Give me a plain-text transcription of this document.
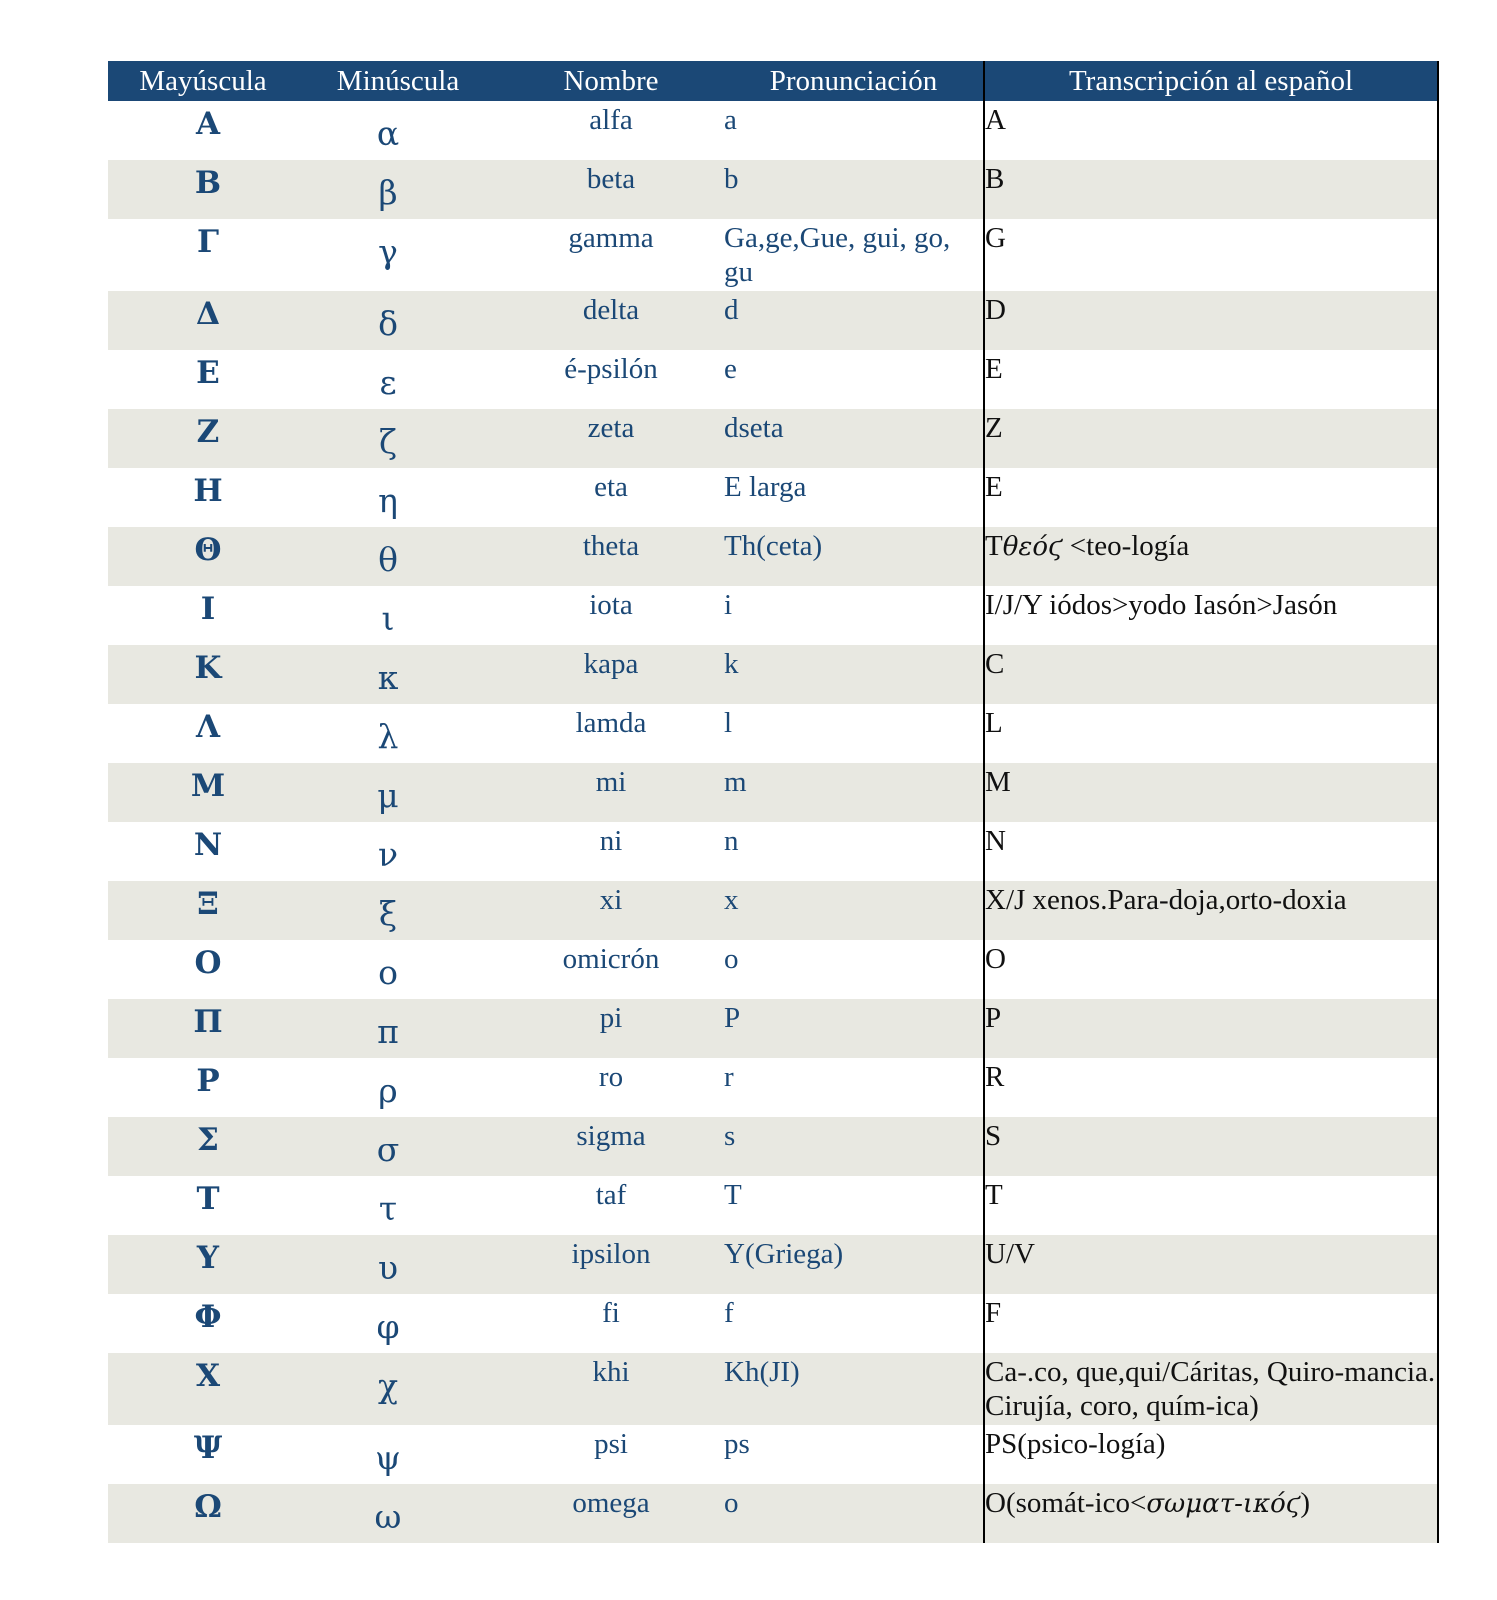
Mayúscula	Minúscula	Nombre	Pronunciación	Transcripción al español
Α	α	alfa	a	A
Β	β	beta	b	B
Γ	γ	gamma	Ga,ge,Gue, gui, go, gu	G
Δ	δ	delta	d	D
Ε	ε	é-psilón	e	E
Ζ	ζ	zeta	dseta	Z
Η	η	eta	E larga	E
Θ	θ	theta	Th(ceta)	Tθεόϛ <teo-logía
Ι	ι	iota	i	I/J/Y iódos>yodo Iasón>Jasón
Κ	κ	kapa	k	C
Λ	λ	lamda	l	L
Μ	μ	mi	m	M
Ν	ν	ni	n	N
Ξ	ξ	xi	x	X/J xenos.Para-doja,orto-doxia
Ο	ο	omicrón	o	O
Π	π	pi	P	P
Ρ	ρ	ro	r	R
Σ	σ	sigma	s	S
Τ	τ	taf	T	T
Υ	υ	ipsilon	Y(Griega)	U/V
Φ	φ	fi	f	F
Χ	χ	khi	Kh(JI)	Ca-.co, que,qui/Cáritas, Quiro-mancia. Cirujía, coro, quím-ica)
Ψ	ψ	psi	ps	PS(psico-logía)
Ω	ω	omega	o	O(somát-ico<σωματ-ικόϛ)
